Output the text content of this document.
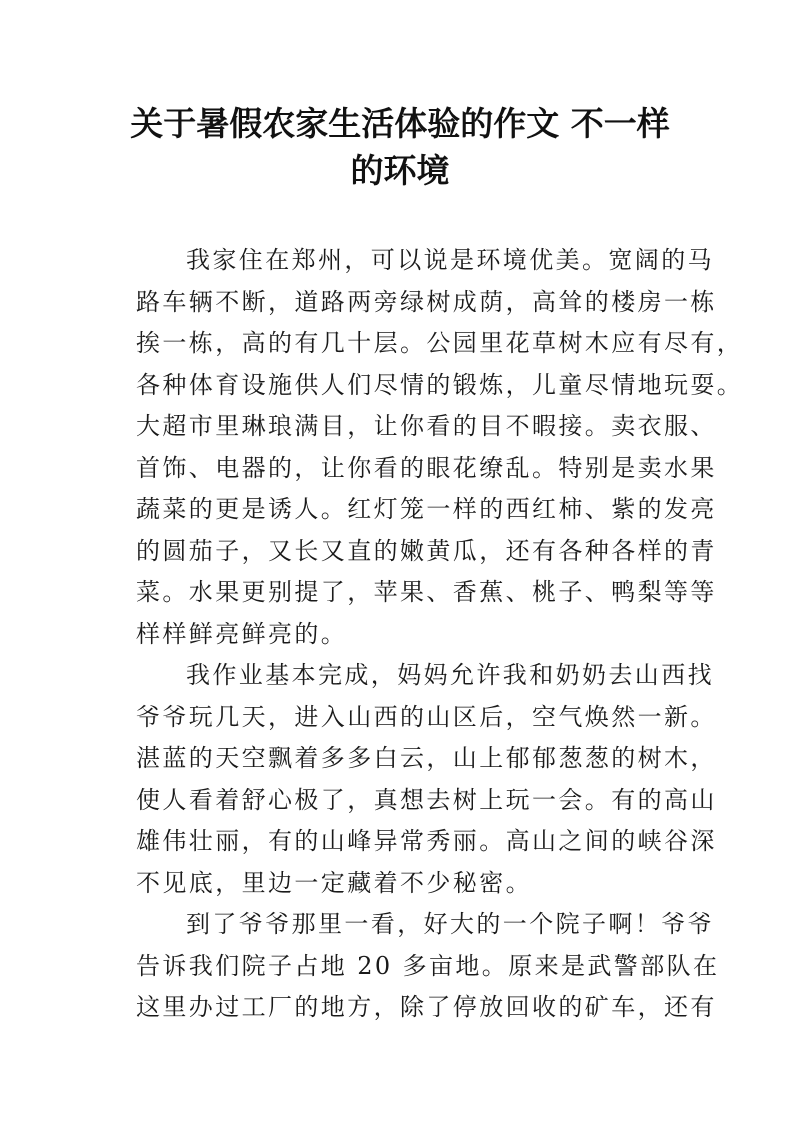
关于暑假农家生活体验的作文 不一样
的环境
我家住在郑州，可以说是环境优美。宽阔的马
路车辆不断，道路两旁绿树成荫，高耸的楼房一栋
挨一栋，高的有几十层。公园里花草树木应有尽有，
各种体育设施供人们尽情的锻炼，儿童尽情地玩耍。
大超市里琳琅满目，让你看的目不暇接。卖衣服、
首饰、电器的，让你看的眼花缭乱。特别是卖水果
蔬菜的更是诱人。红灯笼一样的西红柿、紫的发亮
的圆茄子，又长又直的嫩黄瓜，还有各种各样的青
菜。水果更别提了，苹果、香蕉、桃子、鸭梨等等
样样鲜亮鲜亮的。
我作业基本完成，妈妈允许我和奶奶去山西找
爷爷玩几天，进入山西的山区后，空气焕然一新。
湛蓝的天空飘着多多白云，山上郁郁葱葱的树木，
使人看着舒心极了，真想去树上玩一会。有的高山
雄伟壮丽，有的山峰异常秀丽。高山之间的峡谷深
不见底，里边一定藏着不少秘密。
到了爷爷那里一看，好大的一个院子啊！爷爷
告诉我们院子占地 20 多亩地。原来是武警部队在
这里办过工厂的地方，除了停放回收的矿车，还有
